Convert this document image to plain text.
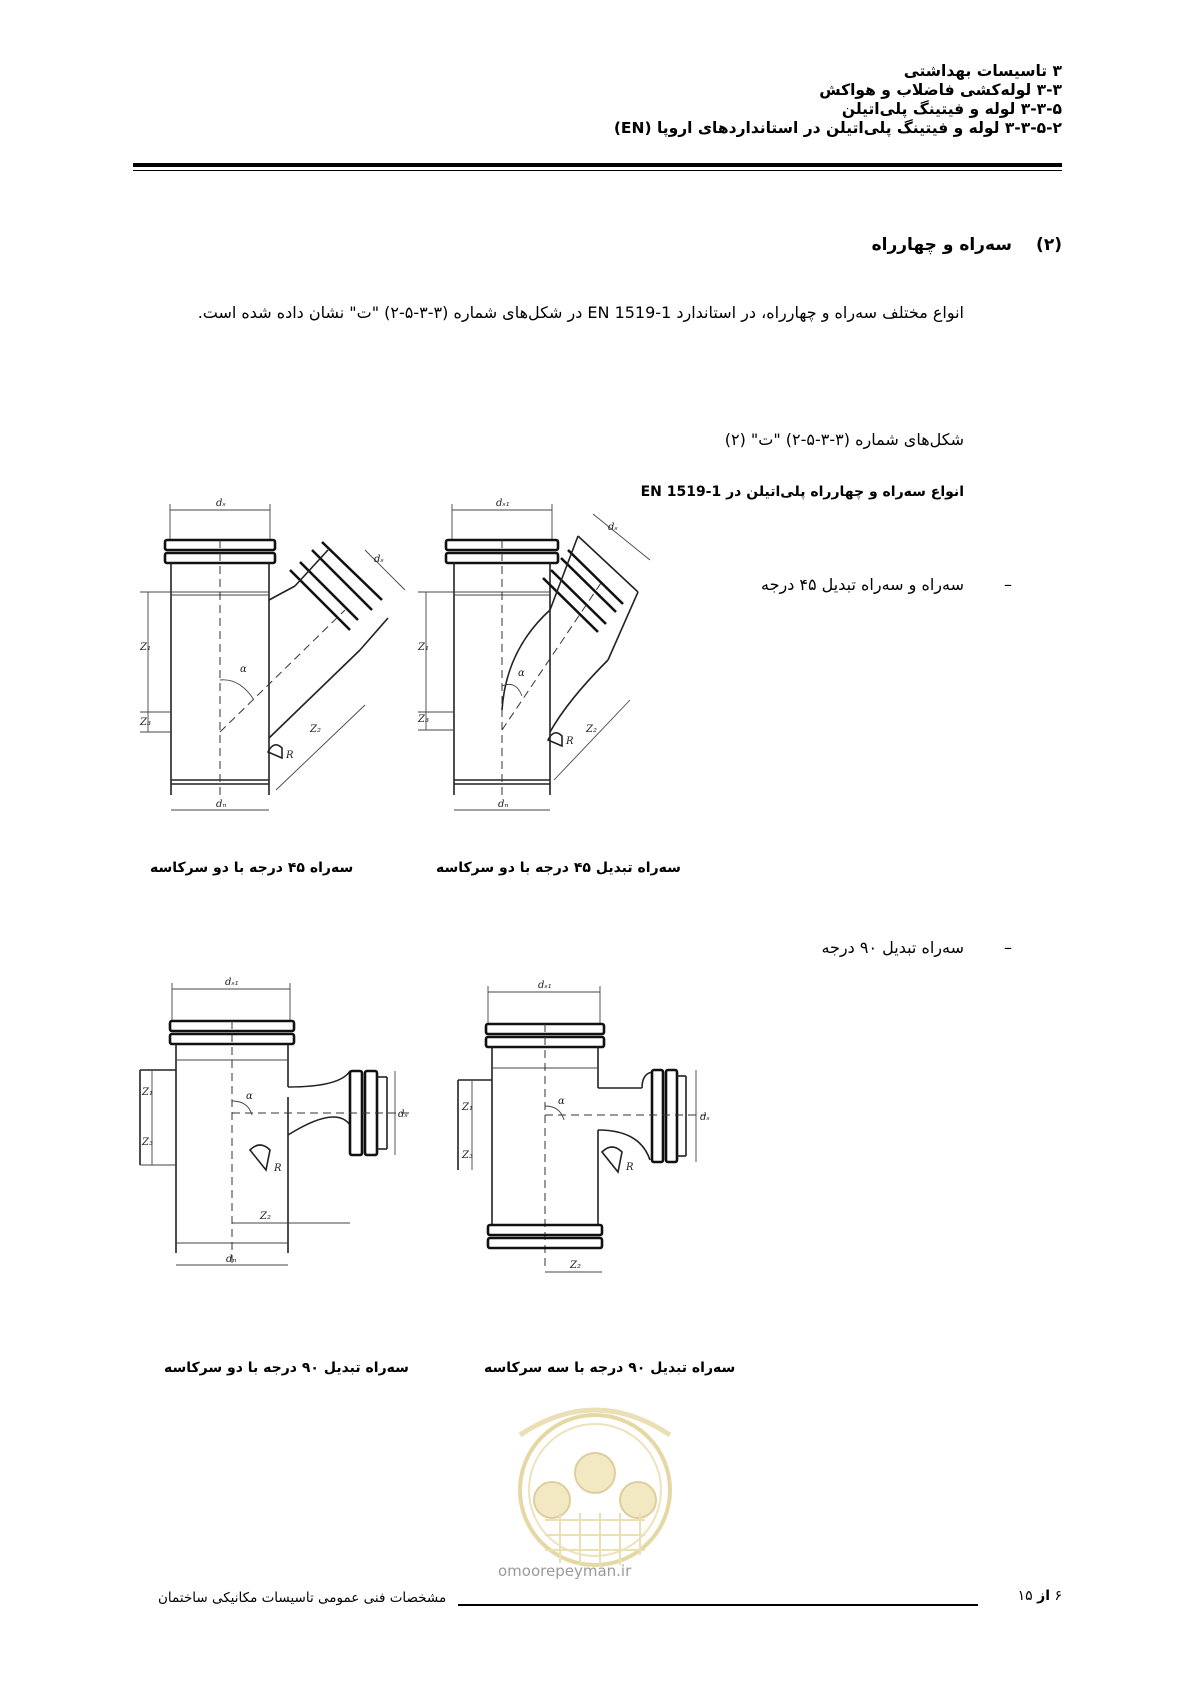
۳ تاسیسات بهداشتی
۳-۳ لوله‌کشی فاضلاب و هواکش
۳-۳-۵ لوله و فیتینگ پلی‌اتیلن
۳-۳-۵-۲ لوله و فیتینگ پلی‌اتیلن در استانداردهای اروپا (EN)
(۲)
سه‌راه و چهارراه
انواع مختلف سه‌راه و چهارراه، در استاندارد EN 1519-1 در شکل‌های شماره (۳-۳-۵-۲) "ت" نشان داده شده است.
شکل‌های شماره (۳-۳-۵-۲) "ت" (۲)
انواع سه‌راه و چهارراه پلی‌اتیلن در EN 1519-1
–
سه‌راه و سه‌راه تبدیل ۴۵ درجه
–
سه‌راه تبدیل ۹۰ درجه
dₛ
Z₁
Z₃
α
dₛ
Z₂
R
dₙ
dₛ₁
Z₁
Z₃
α
dₛ
Z₂
R
dₙ
سه‌راه ۴۵ درجه با دو سرکاسه	سه‌راه تبدیل ۴۵ درجه با دو سرکاسه
dₛ₁
α
dₛ
R
Z₁
Z₃
Z₂
dₙ
dₛ₁
α
dₛ
R
Z₁
Z₃
Z₂
سه‌راه تبدیل ۹۰ درجه با دو سرکاسه	سه‌راه تبدیل ۹۰ درجه با سه سرکاسه
omoorepeyman.ir
مشخصات فنی عمومی تاسیسات مکانیکی ساختمان	۶ از ۱۵
